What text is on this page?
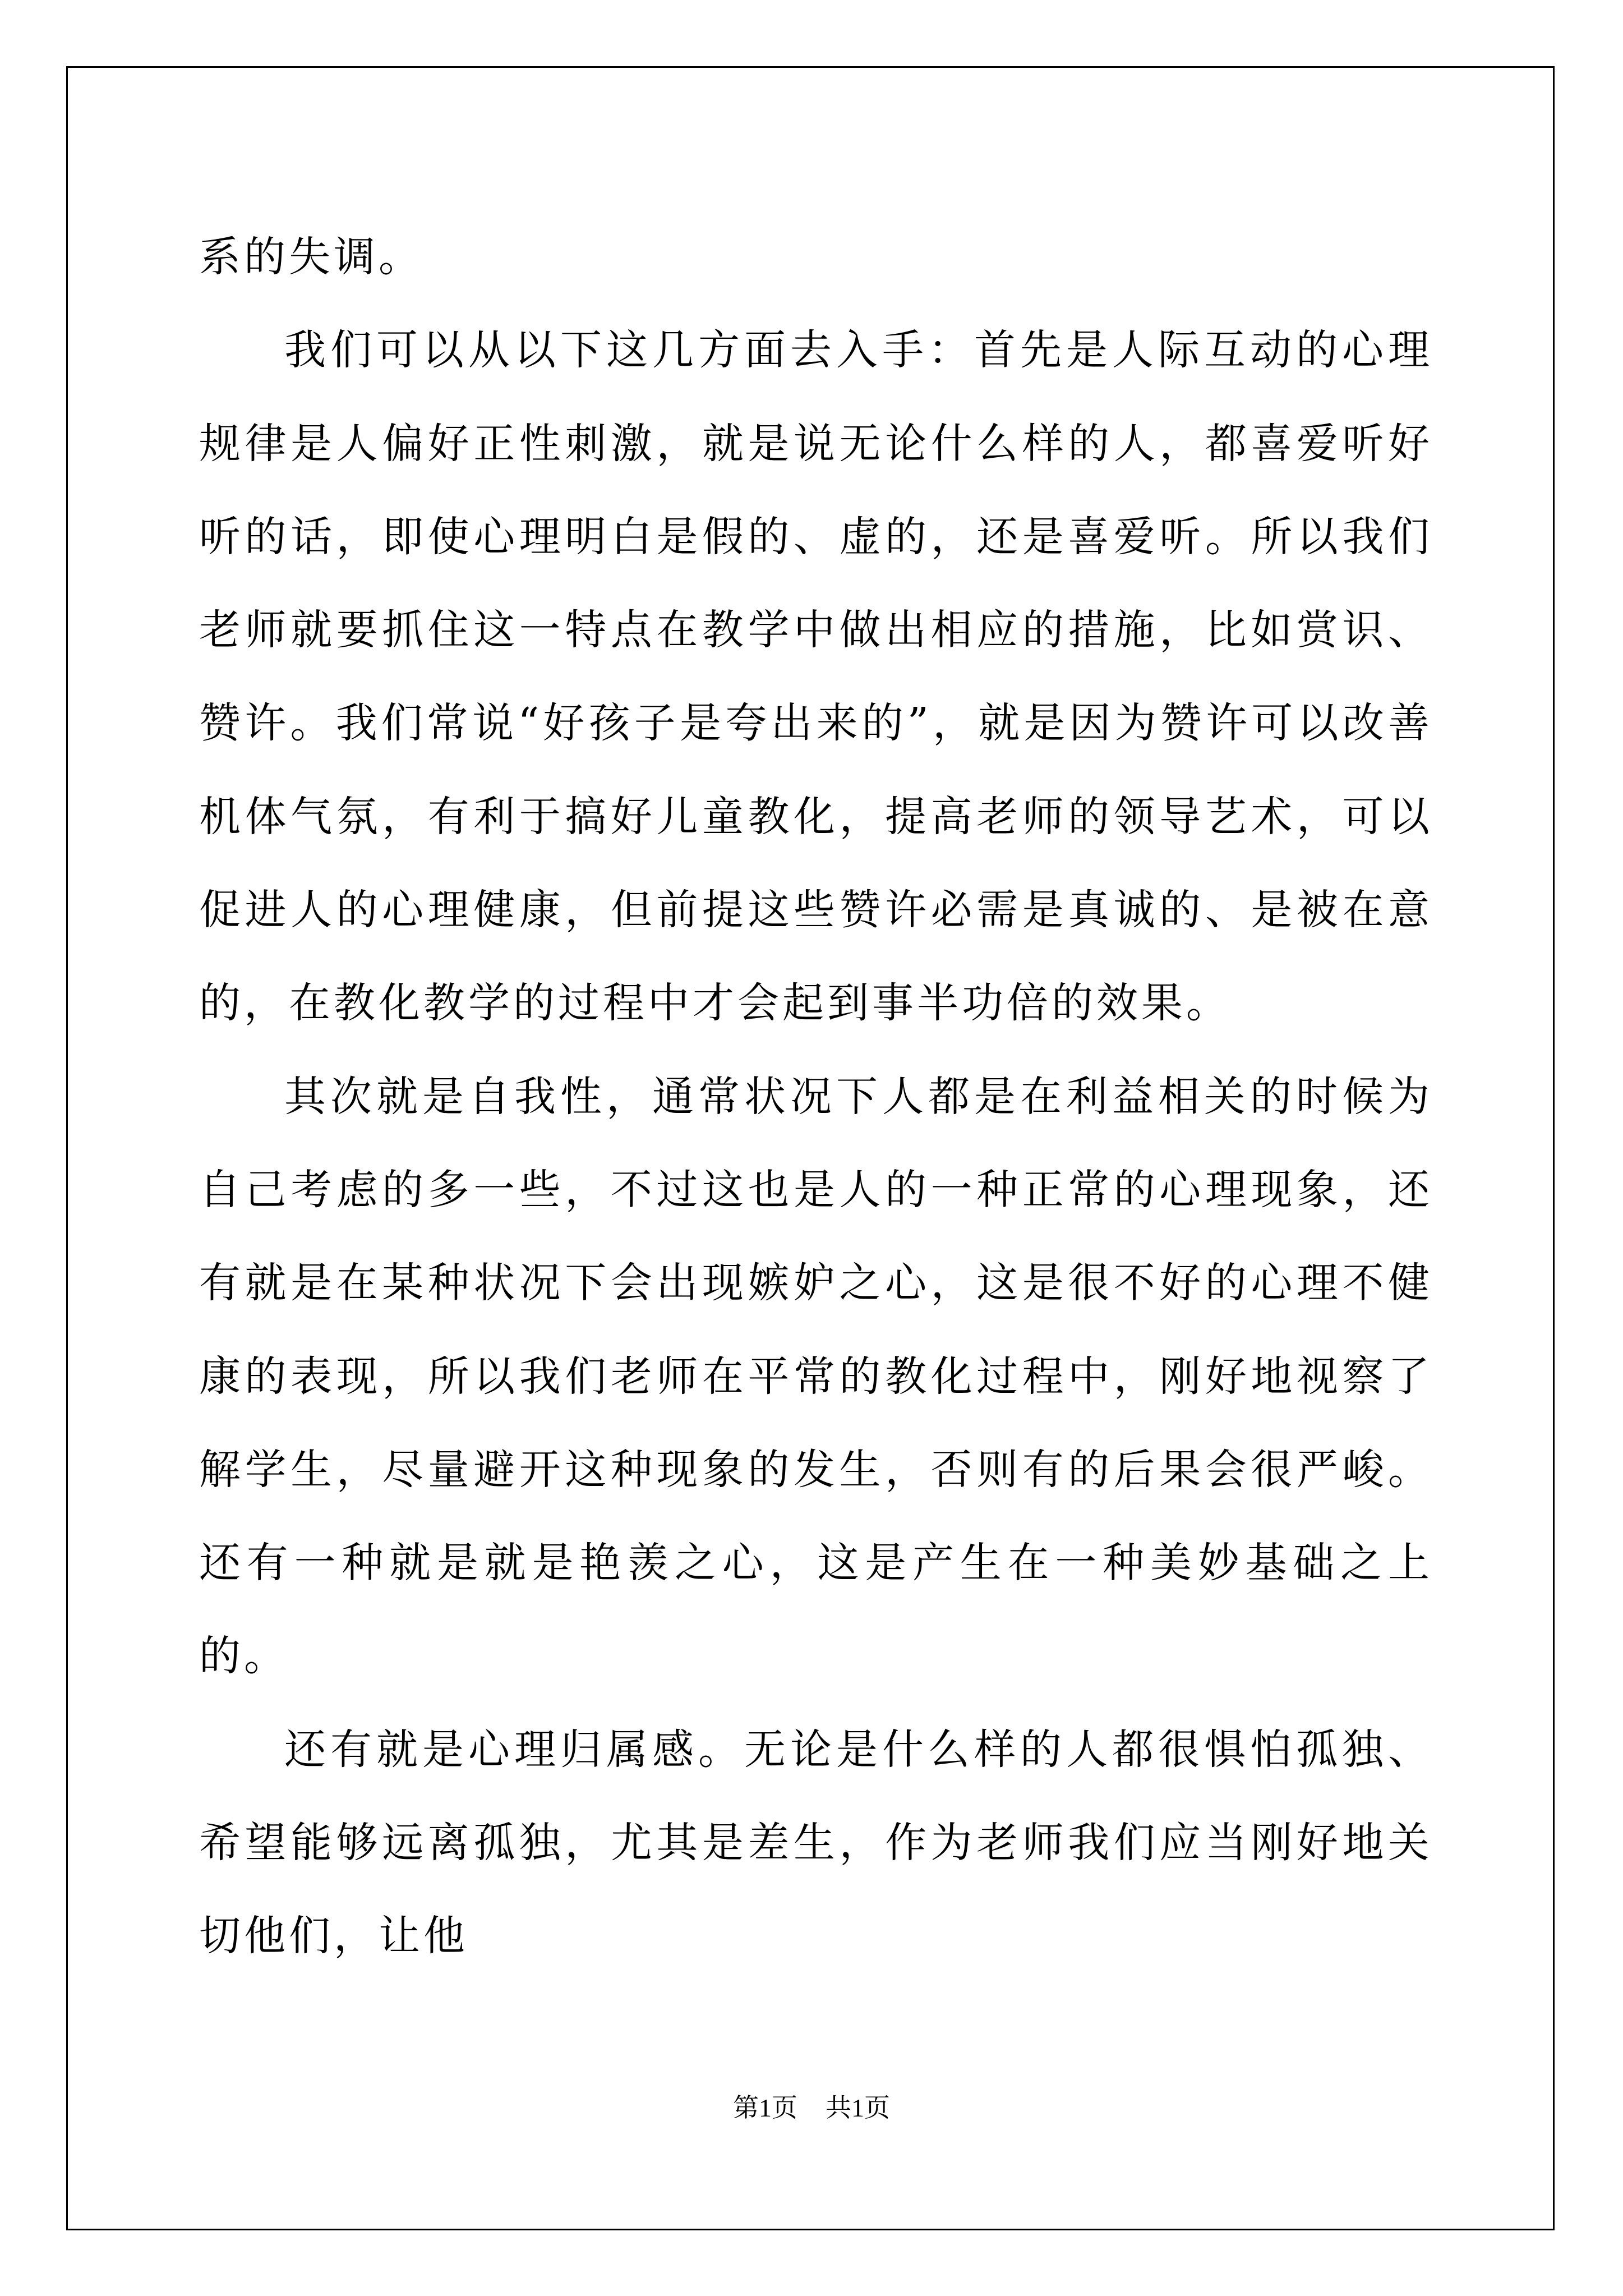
系的失调。

我们可以从以下这几方面去入手：首先是人际互动的心理规律是人偏好正性刺激，就是说无论什么样的人，都喜爱听好听的话，即使心理明白是假的、虚的，还是喜爱听。所以我们老师就要抓住这一特点在教学中做出相应的措施，比如赏识、赞许。我们常说“好孩子是夸出来的”，就是因为赞许可以改善机体气氛，有利于搞好儿童教化，提高老师的领导艺术，可以促进人的心理健康，但前提这些赞许必需是真诚的、是被在意的，在教化教学的过程中才会起到事半功倍的效果。

其次就是自我性，通常状况下人都是在利益相关的时候为自己考虑的多一些，不过这也是人的一种正常的心理现象，还有就是在某种状况下会出现嫉妒之心，这是很不好的心理不健康的表现，所以我们老师在平常的教化过程中，刚好地视察了解学生，尽量避开这种现象的发生，否则有的后果会很严峻。还有一种就是就是艳羡之心，这是产生在一种美妙基础之上的。

还有就是心理归属感。无论是什么样的人都很惧怕孤独、希望能够远离孤独，尤其是差生，作为老师我们应当刚好地关切他们，让他

第1页 共1页
